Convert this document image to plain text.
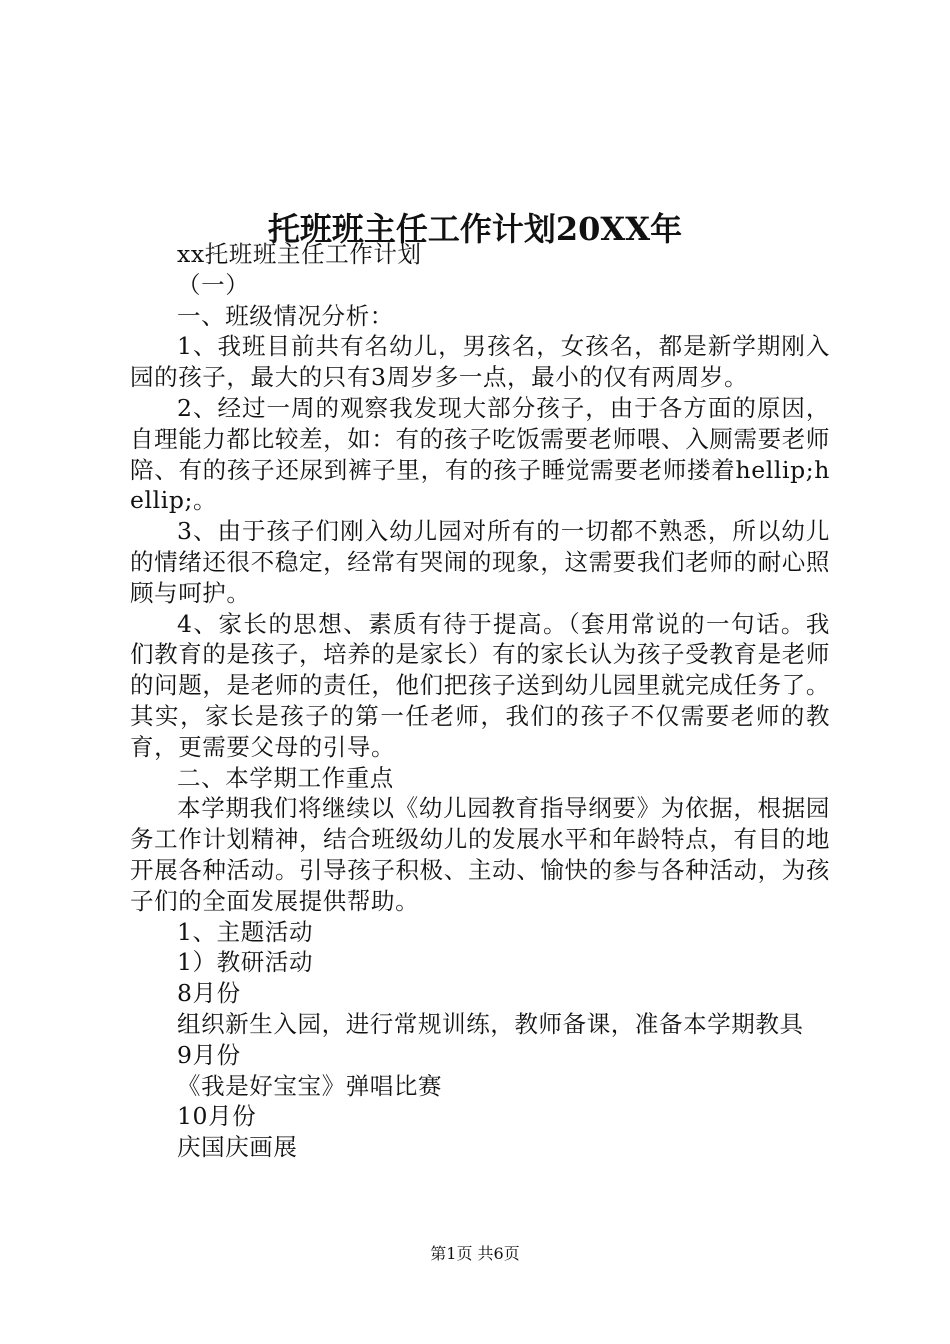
托班班主任工作计划20XX年

xx托班班主任工作计划

（一）

一、班级情况分析：

1、我班目前共有名幼儿，男孩名，女孩名，都是新学期刚入园的孩子，最大的只有3周岁多一点，最小的仅有两周岁。

2、经过一周的观察我发现大部分孩子，由于各方面的原因，自理能力都比较差，如：有的孩子吃饭需要老师喂、入厕需要老师陪、有的孩子还尿到裤子里，有的孩子睡觉需要老师搂着hellip;hellip;。

3、由于孩子们刚入幼儿园对所有的一切都不熟悉，所以幼儿的情绪还很不稳定，经常有哭闹的现象，这需要我们老师的耐心照顾与呵护。

4、家长的思想、素质有待于提高。（套用常说的一句话。我们教育的是孩子，培养的是家长）有的家长认为孩子受教育是老师的问题，是老师的责任，他们把孩子送到幼儿园里就完成任务了。其实，家长是孩子的第一任老师，我们的孩子不仅需要老师的教育，更需要父母的引导。

二、本学期工作重点

本学期我们将继续以《幼儿园教育指导纲要》为依据，根据园务工作计划精神，结合班级幼儿的发展水平和年龄特点，有目的地开展各种活动。引导孩子积极、主动、愉快的参与各种活动，为孩子们的全面发展提供帮助。

1、主题活动

1）教研活动

8月份

组织新生入园，进行常规训练，教师备课，准备本学期教具

9月份

《我是好宝宝》弹唱比赛

10月份

庆国庆画展

第1页 共6页
